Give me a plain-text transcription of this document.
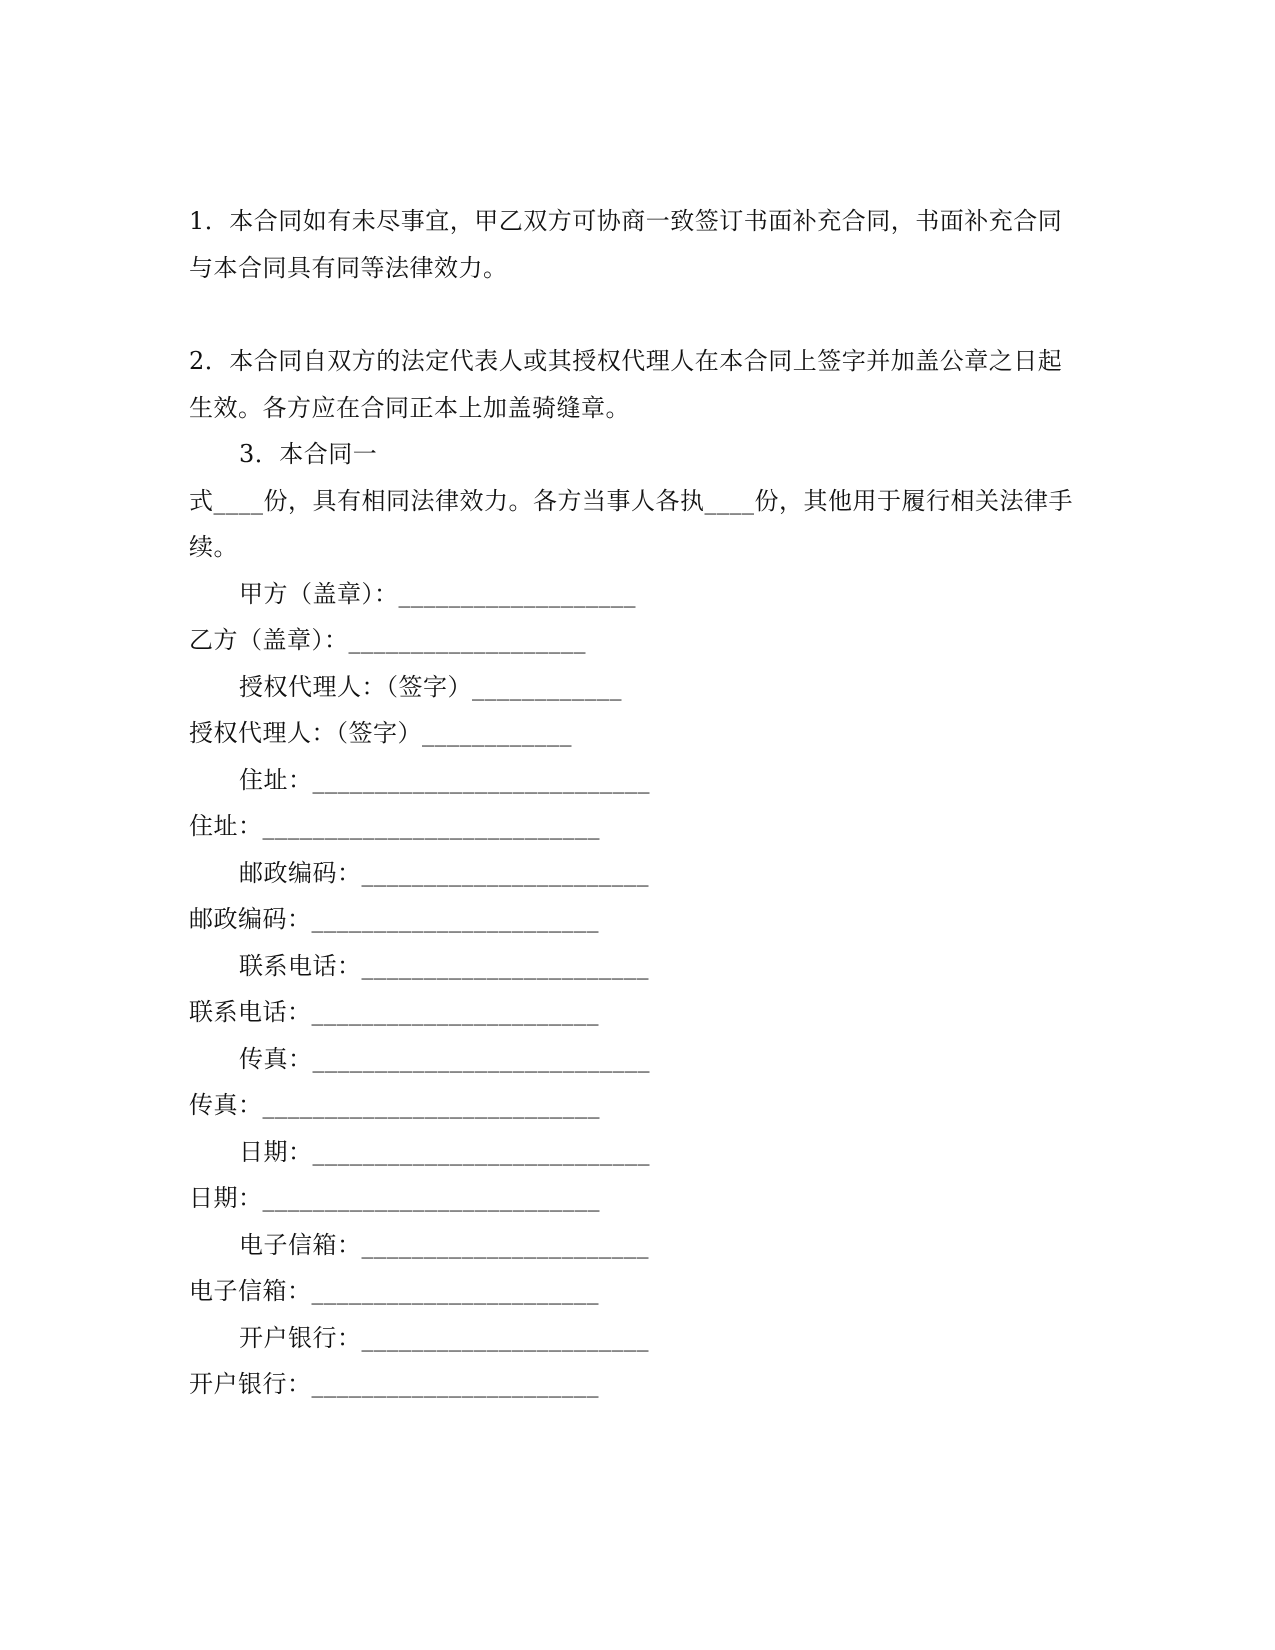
1．本合同如有未尽事宜，甲乙双方可协商一致签订书面补充合同，书面补充合同
与本合同具有同等法律效力。
2．本合同自双方的法定代表人或其授权代理人在本合同上签字并加盖公章之日起
生效。各方应在合同正本上加盖骑缝章。
3．本合同一
式____份，具有相同法律效力。各方当事人各执____份，其他用于履行相关法律手
续。
甲方（盖章）：___________________
乙方（盖章）：___________________
授权代理人：（签字）____________
授权代理人：（签字）____________
住址：___________________________
住址：___________________________
邮政编码：_______________________
邮政编码：_______________________
联系电话：_______________________
联系电话：_______________________
传真：___________________________
传真：___________________________
日期：___________________________
日期：___________________________
电子信箱：_______________________
电子信箱：_______________________
开户银行：_______________________
开户银行：_______________________
